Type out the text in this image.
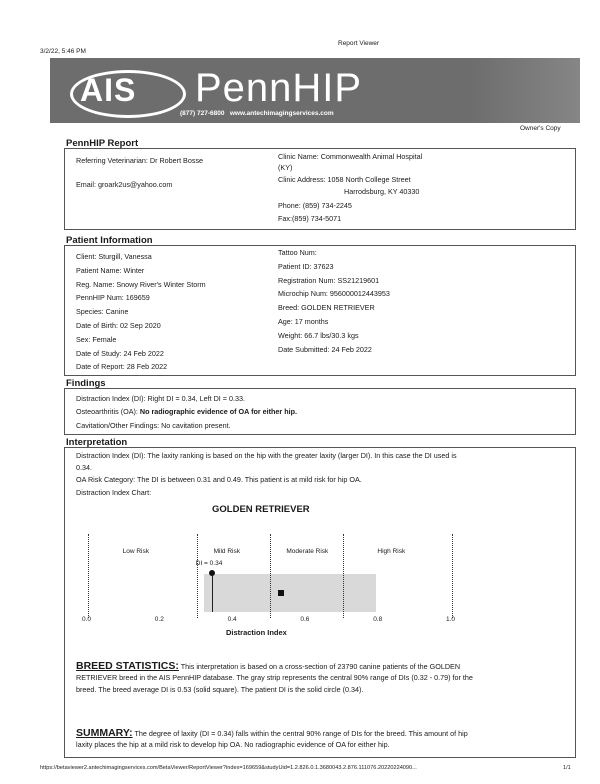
3/2/22, 5:46 PM
Report Viewer
AIS PennHIP
(877) 727-6800 www.antechimagingservices.com
Owner's Copy
PennHIP Report
Referring Veterinarian: Dr Robert Bosse
Email: groark2us@yahoo.com
Clinic Name: Commonwealth Animal Hospital
(KY)
Clinic Address: 1058 North College Street
Harrodsburg, KY 40330
Phone: (859) 734-2245
Fax:(859) 734-5071
Patient Information
Client: Sturgill, Vanessa
Patient Name: Winter
Reg. Name: Snowy River's Winter Storm
PennHIP Num: 169659
Species: Canine
Date of Birth: 02 Sep 2020
Sex: Female
Date of Study: 24 Feb 2022
Date of Report: 28 Feb 2022
Tattoo Num:
Patient ID: 37623
Registration Num: SS21219601
Microchip Num: 956000012443953
Breed: GOLDEN RETRIEVER
Age: 17 months
Weight: 66.7 lbs/30.3 kgs
Date Submitted: 24 Feb 2022
Findings
Distraction Index (DI): Right DI = 0.34, Left DI = 0.33.
Osteoarthritis (OA): No radiographic evidence of OA for either hip.
Cavitation/Other Findings: No cavitation present.
Interpretation
Distraction Index (DI): The laxity ranking is based on the hip with the greater laxity (larger DI). In this case the DI used is
0.34.
OA Risk Category: The DI is between 0.31 and 0.49. This patient is at mild risk for hip OA.
Distraction Index Chart:
GOLDEN RETRIEVER
Low Risk	Mild Risk	Moderate Risk	High Risk
DI = 0.34
0.0	0.2	0.4	0.6	0.8	1.0
Distraction Index
BREED STATISTICS: This interpretation is based on a cross-section of 23790 canine patients of the GOLDEN
RETRIEVER breed in the AIS PennHIP database. The gray strip represents the central 90% range of DIs (0.32 - 0.79) for the
breed. The breed average DI is 0.53 (solid square). The patient DI is the solid circle (0.34).
SUMMARY: The degree of laxity (DI = 0.34) falls within the central 90% range of DIs for the breed. This amount of hip
laxity places the hip at a mild risk to develop hip OA. No radiographic evidence of OA for either hip.
https://betaviewer2.antechimagingservices.com/BetaViewer/ReportViewer?index=169659&studyUid=1.2.826.0.1.3680043.2.876.111076.20220224090...	1/1
